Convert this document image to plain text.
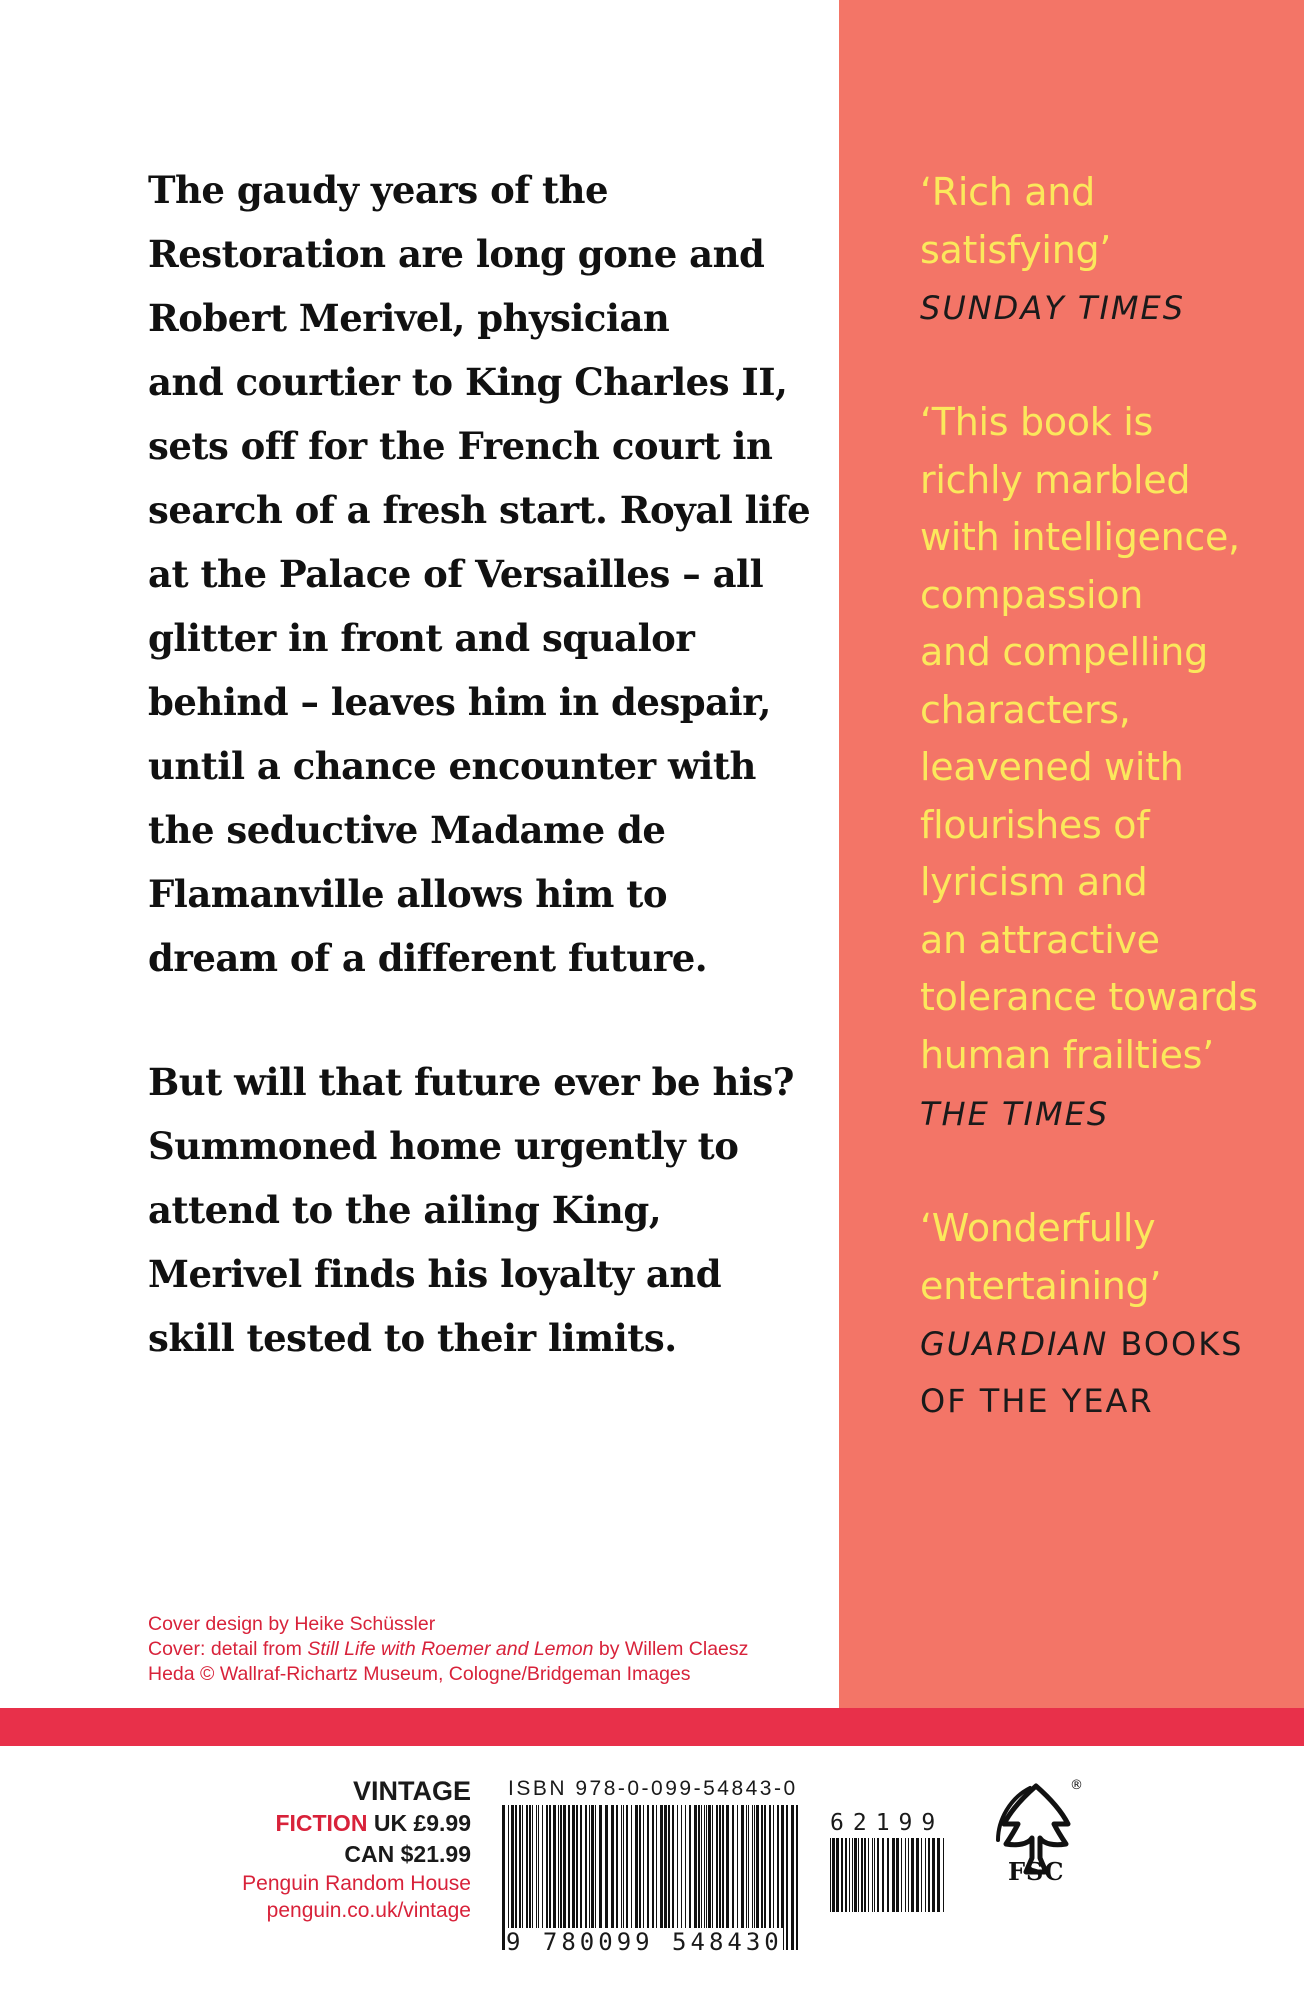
The gaudy years of the
Restoration are long gone and
Robert Merivel, physician
and courtier to King Charles II,
sets off for the French court in
search of a fresh start. Royal life
at the Palace of Versailles – all
glitter in front and squalor
behind – leaves him in despair,
until a chance encounter with
the seductive Madame de
Flamanville allows him to
dream of a different future.

But will that future ever be his?
Summoned home urgently to
attend to the ailing King,
Merivel finds his loyalty and
skill tested to their limits.

Cover design by Heike Schüssler
Cover: detail from Still Life with Roemer and Lemon by Willem Claesz
Heda © Wallraf-Richartz Museum, Cologne/Bridgeman Images
‘Rich and
satisfying’
SUNDAY TIMES
‘This book is
richly marbled
with intelligence,
compassion
and compelling
characters,
leavened with
flourishes of
lyricism and
an attractive
tolerance towards
human frailties’
THE TIMES
‘Wonderfully
entertaining’
GUARDIAN BOOKS
OF THE YEAR
VINTAGE
FICTION UK £9.99
CAN $21.99
Penguin Random House
penguin.co.uk/vintage
ISBN 978-0-099-54843-0
9 780099 548430
62199
FSC
®
